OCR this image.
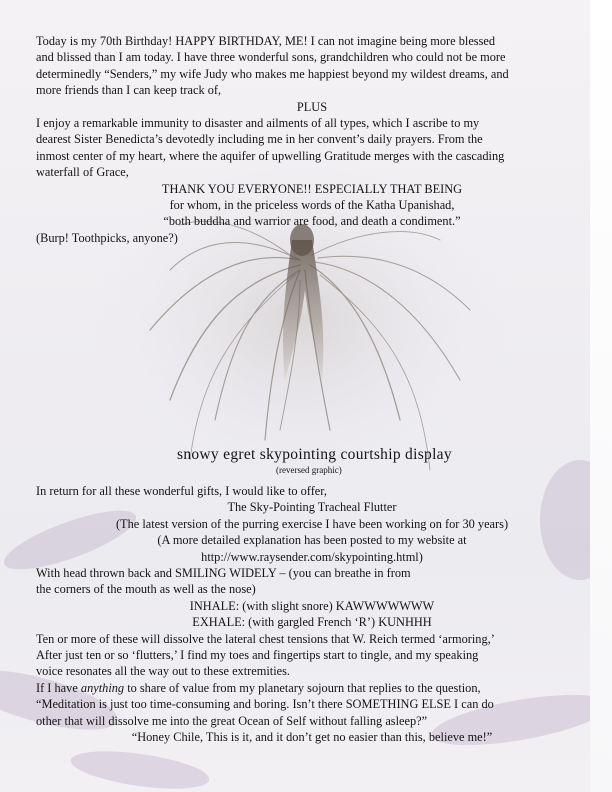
Today is my 70th Birthday! HAPPY BIRTHDAY, ME! I can not imagine being more blessed
and blissed than I am today. I have three wonderful sons, grandchildren who could not be more
determinedly “Senders,” my wife Judy who makes me happiest beyond my wildest dreams, and
more friends than I can keep track of,
PLUS
I enjoy a remarkable immunity to disaster and ailments of all types, which I ascribe to my
dearest Sister Benedicta’s devotedly including me in her convent’s daily prayers. From the
inmost center of my heart, where the aquifer of upwelling Gratitude merges with the cascading
waterfall of Grace,
THANK YOU EVERYONE!! ESPECIALLY THAT BEING
for whom, in the priceless words of the Katha Upanishad,
“both buddha and warrior are food, and death a condiment.”
(Burp! Toothpicks, anyone?)
snowy egret skypointing courtship display
(reversed graphic)
In return for all these wonderful gifts, I would like to offer,
The Sky-Pointing Tracheal Flutter
(The latest version of the purring exercise I have been working on for 30 years)
(A more detailed explanation has been posted to my website at
http://www.raysender.com/skypointing.html)
With head thrown back and SMILING WIDELY – (you can breathe in from
the corners of the mouth as well as the nose)
INHALE: (with slight snore) KAWWWWWWW
EXHALE: (with gargled French ‘R’) KUNHHH
Ten or more of these will dissolve the lateral chest tensions that W. Reich termed ‘armoring,’
After just ten or so ‘flutters,’ I find my toes and fingertips start to tingle, and my speaking
voice resonates all the way out to these extremities.
If I have anything to share of value from my planetary sojourn that replies to the question,
“Meditation is just too time-consuming and boring. Isn’t there SOMETHING ELSE I can do
other that will dissolve me into the great Ocean of Self without falling asleep?”
“Honey Chile, This is it, and it don’t get no easier than this, believe me!”
